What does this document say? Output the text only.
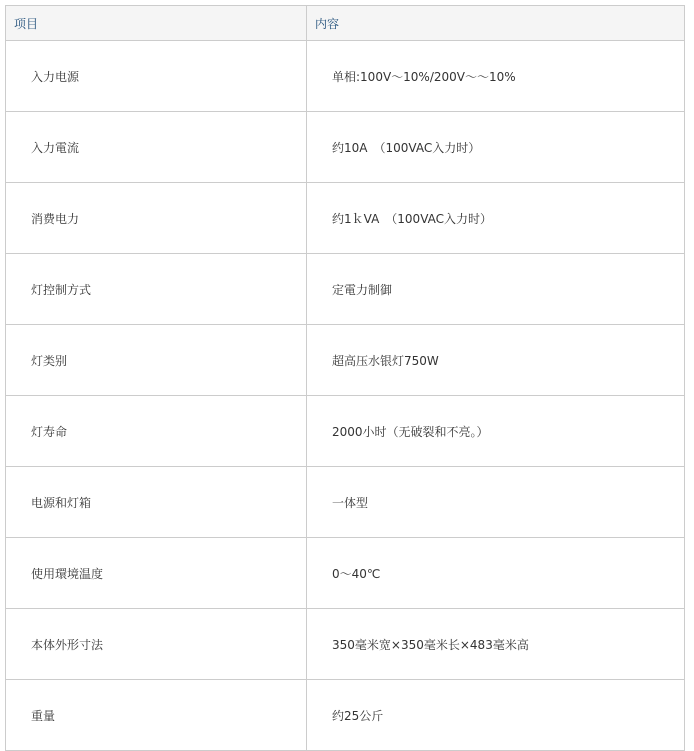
项目	内容
入力电源	单相:100V～10%/200V～～10%
入力電流	约10A　（100VAC入力时）
消费电力	约1ｋVA　（100VAC入力时）
灯控制方式	定電力制御
灯类别	超高压水银灯750W
灯寿命	2000小时（无破裂和不亮。）
电源和灯箱	一体型
使用環境温度	0～40℃
本体外形寸法	350毫米宽×350毫米长×483毫米高
重量	约25公斤
